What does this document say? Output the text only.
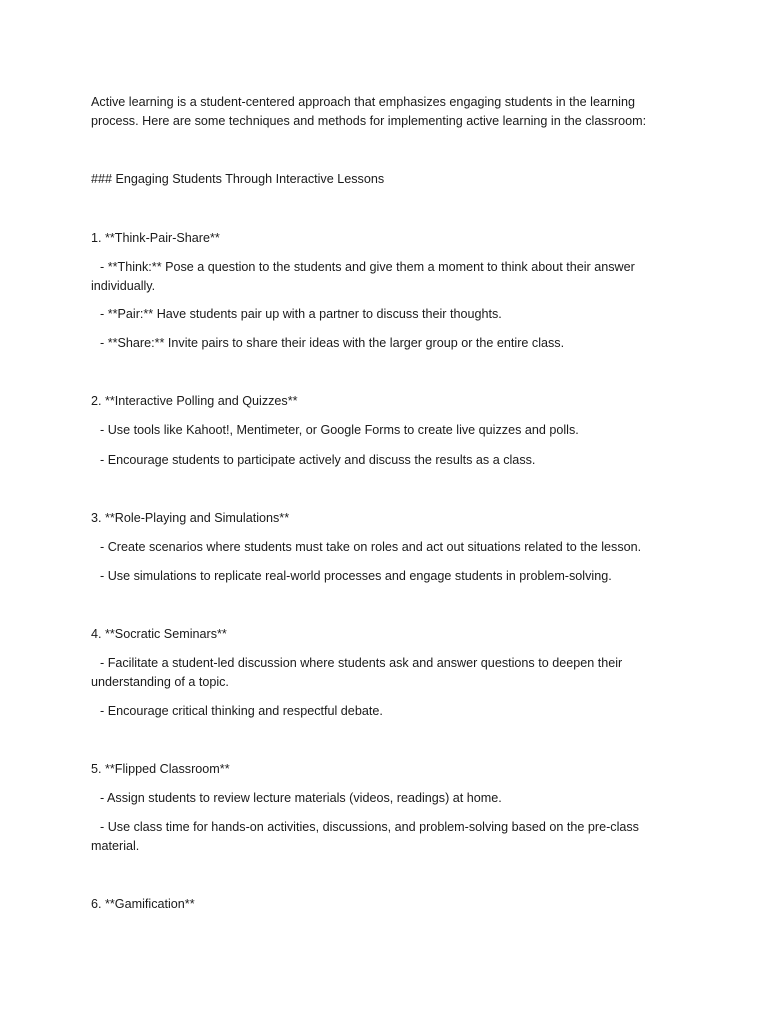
Active learning is a student-centered approach that emphasizes engaging students in the learning process. Here are some techniques and methods for implementing active learning in the classroom:

### Engaging Students Through Interactive Lessons

1. **Think-Pair-Share**

- **Think:** Pose a question to the students and give them a moment to think about their answer individually.

- **Pair:** Have students pair up with a partner to discuss their thoughts.

- **Share:** Invite pairs to share their ideas with the larger group or the entire class.

2. **Interactive Polling and Quizzes**

- Use tools like Kahoot!, Mentimeter, or Google Forms to create live quizzes and polls.

- Encourage students to participate actively and discuss the results as a class.

3. **Role-Playing and Simulations**

- Create scenarios where students must take on roles and act out situations related to the lesson.

- Use simulations to replicate real-world processes and engage students in problem-solving.

4. **Socratic Seminars**

- Facilitate a student-led discussion where students ask and answer questions to deepen their understanding of a topic.

- Encourage critical thinking and respectful debate.

5. **Flipped Classroom**

- Assign students to review lecture materials (videos, readings) at home.

- Use class time for hands-on activities, discussions, and problem-solving based on the pre-class material.

6. **Gamification**
